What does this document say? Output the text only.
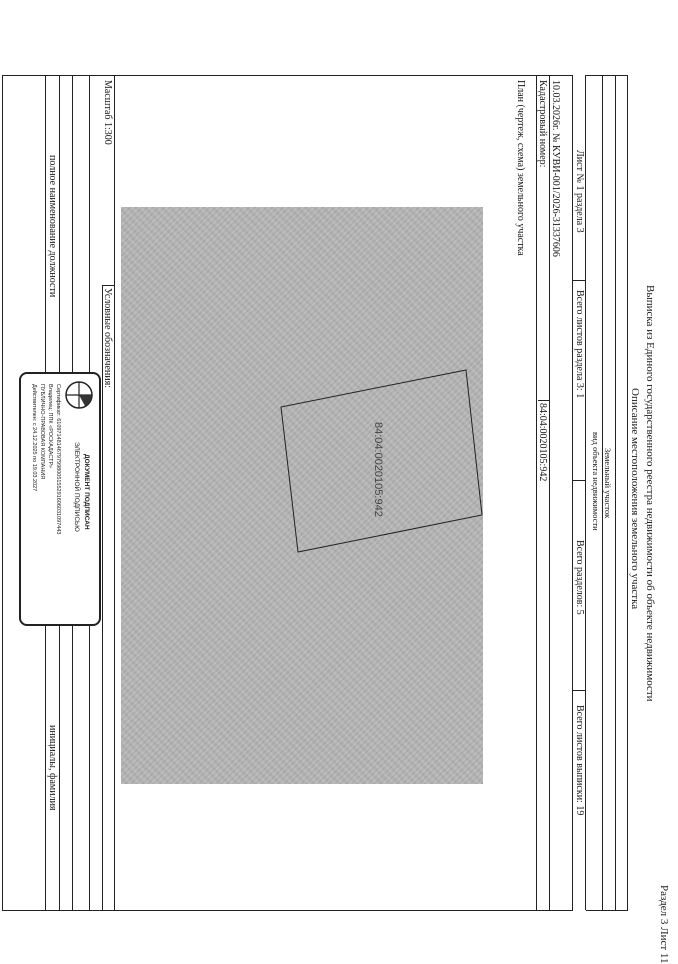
Раздел 3 Лист 11
Выписка из Единого государственного реестра недвижимости об объекте недвижимости
Описание местоположения земельного участка
Земельный участок
вид объекта недвижимости
Лист № 1 раздела 3
Всего листов раздела 3: 1
Всего разделов: 5
Всего листов выписки: 19
10.03.2026г. № КУВИ-001/2026-31337606
Кадастровый номер:
84:04:0020105:942
План (чертеж, схема) земельного участка
84:04:0020105:942
Масштаб 1:300
Условные обозначения:
полное наименование должности
инициалы, фамилия
ДОКУМЕНТ ПОДПИСАН
ЭЛЕКТРОННОЙ ПОДПИСЬЮ
Сертификат: 61097148146797998005155291606031097443
Владелец: ППК «РОСКАДАСТР»
ПУБЛИЧНО-ПРАВОВАЯ КОМПАНИЯ
Действителен: с 24.12.2025 по 19.03.2027
